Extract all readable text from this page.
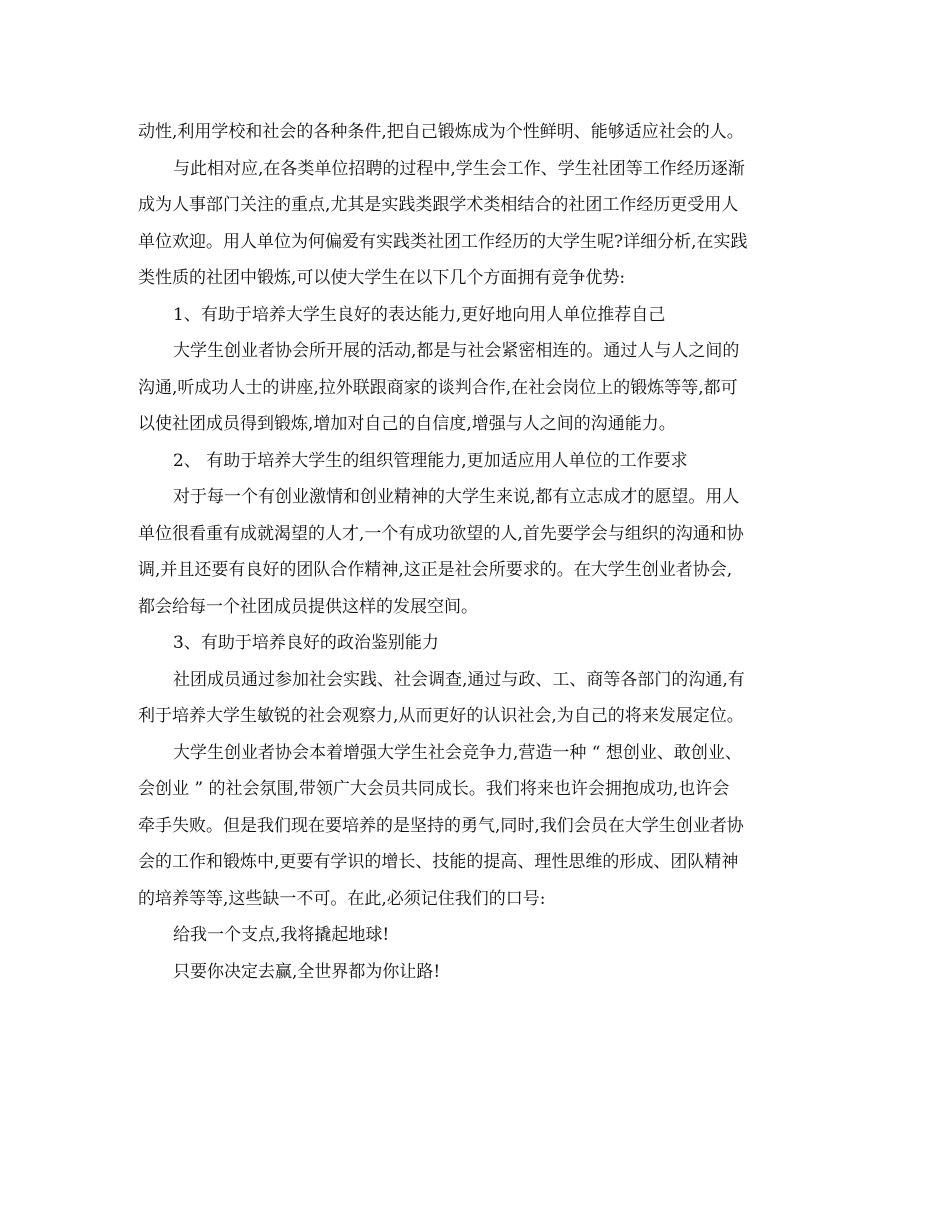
动性,利用学校和社会的各种条件,把自己锻炼成为个性鲜明、能够适应社会的人。
与此相对应,在各类单位招聘的过程中,学生会工作、学生社团等工作经历逐渐
成为人事部门关注的重点,尤其是实践类跟学术类相结合的社团工作经历更受用人
单位欢迎。用人单位为何偏爱有实践类社团工作经历的大学生呢?详细分析,在实践
类性质的社团中锻炼,可以使大学生在以下几个方面拥有竞争优势:
1、有助于培养大学生良好的表达能力,更好地向用人单位推荐自己
大学生创业者协会所开展的活动,都是与社会紧密相连的。通过人与人之间的
沟通,听成功人士的讲座,拉外联跟商家的谈判合作,在社会岗位上的锻炼等等,都可
以使社团成员得到锻炼,增加对自己的自信度,增强与人之间的沟通能力。
2、 有助于培养大学生的组织管理能力,更加适应用人单位的工作要求
对于每一个有创业激情和创业精神的大学生来说,都有立志成才的愿望。用人
单位很看重有成就渴望的人才,一个有成功欲望的人,首先要学会与组织的沟通和协
调,并且还要有良好的团队合作精神,这正是社会所要求的。在大学生创业者协会,
都会给每一个社团成员提供这样的发展空间。
3、有助于培养良好的政治鉴别能力
社团成员通过参加社会实践、社会调查,通过与政、工、商等各部门的沟通,有
利于培养大学生敏锐的社会观察力,从而更好的认识社会,为自己的将来发展定位。
大学生创业者协会本着增强大学生社会竞争力,营造一种 “ 想创业、敢创业、
会创业 ” 的社会氛围,带领广大会员共同成长。我们将来也许会拥抱成功,也许会
牵手失败。但是我们现在要培养的是坚持的勇气,同时,我们会员在大学生创业者协
会的工作和锻炼中,更要有学识的增长、技能的提高、理性思维的形成、团队精神
的培养等等,这些缺一不可。在此,必须记住我们的口号:
给我一个支点,我将撬起地球!
只要你决定去赢,全世界都为你让路!
